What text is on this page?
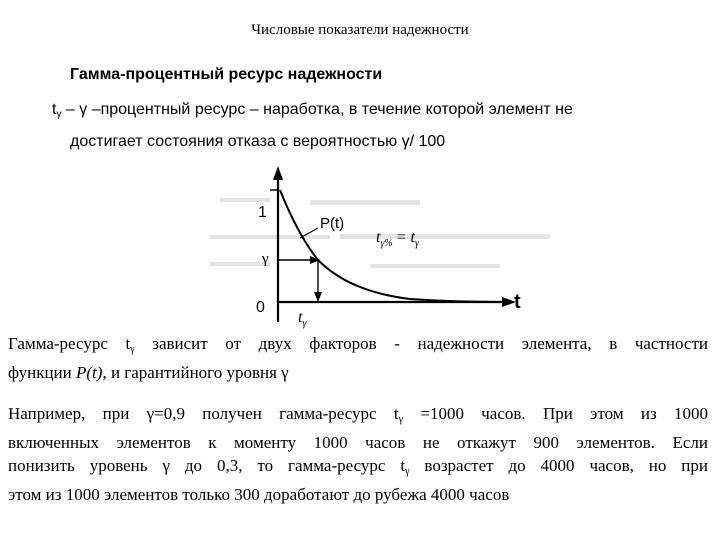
Числовые показатели надежности
Гамма-процентный ресурс надежности
$t_\gamma$ – γ –процентный ресурс – наработка, в течение которой элемент не
достигает состояния отказа с вероятностью γ/ 100
1
γ
0
P(t)
$t_{\gamma\%} = t_\gamma$
t
$t_\gamma$
Гамма-ресурс $t_\gamma$ зависит от двух факторов - надежности элемента, в частности
функции P(t), и гарантийного уровня γ
Например, при γ=0,9 получен гамма-ресурс $t_\gamma =1000$ часов. При этом из 1000
включенных элементов к моменту 1000 часов не откажут 900 элементов. Если
понизить уровень γ до 0,3, то гамма-ресурс $t_\gamma$ возрастет до 4000 часов, но при
этом из 1000 элементов только 300 доработают до рубежа 4000 часов
